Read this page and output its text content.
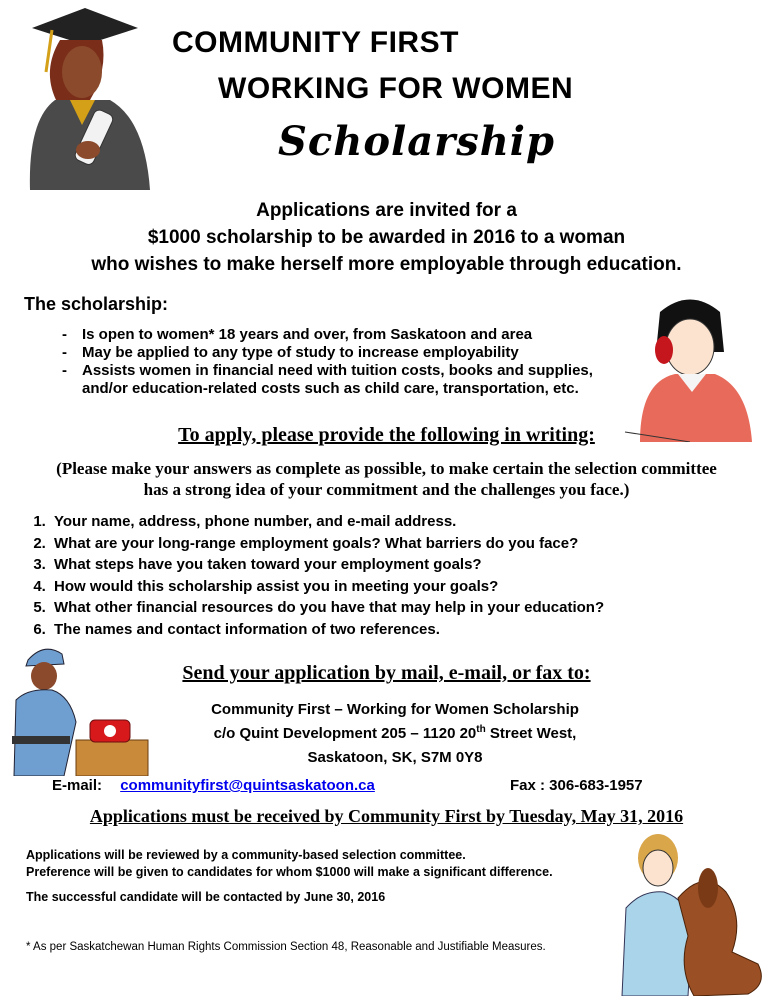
COMMUNITY FIRST
WORKING FOR WOMEN
Scholarship
Applications are invited for a
$1000 scholarship to be awarded in 2016 to a woman
who wishes to make herself more employable through education.
The scholarship:
- Is open to women* 18 years and over, from Saskatoon and area
- May be applied to any type of study to increase employability
- Assists women in financial need with tuition costs, books and supplies, and/or education-related costs such as child care, transportation, etc.
To apply, please provide the following in writing:
(Please make your answers as complete as possible, to make certain the selection committee has a strong idea of your commitment and the challenges you face.)
1. Your name, address, phone number, and e-mail address.
2. What are your long-range employment goals? What barriers do you face?
3. What steps have you taken toward your employment goals?
4. How would this scholarship assist you in meeting your goals?
5. What other financial resources do you have that may help in your education?
6. The names and contact information of two references.
Send your application by mail, e-mail, or fax to:
Community First – Working for Women Scholarship
c/o Quint Development 205 – 1120 20th Street West,
Saskatoon, SK, S7M 0Y8
E-mail: communityfirst@quintsaskatoon.ca	Fax : 306-683-1957
Applications must be received by Community First by Tuesday, May 31, 2016
Applications will be reviewed by a community-based selection committee.
Preference will be given to candidates for whom $1000 will make a significant difference.
The successful candidate will be contacted by June 30, 2016
* As per Saskatchewan Human Rights Commission Section 48, Reasonable and Justifiable Measures.
